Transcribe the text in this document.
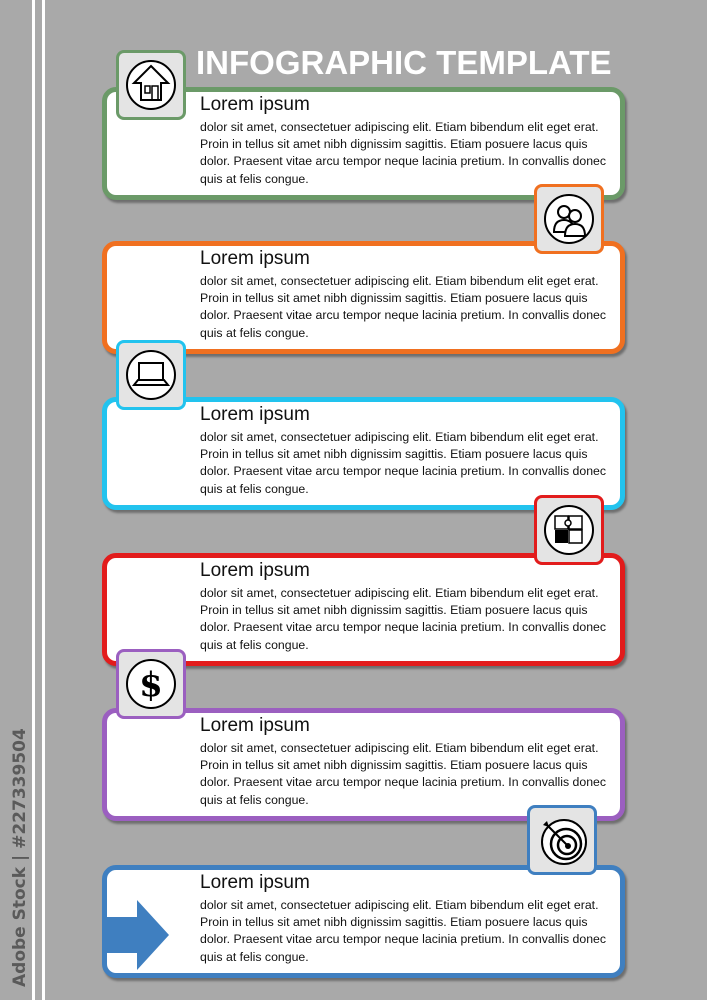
Adobe Stock | #227339504
INFOGRAPHIC TEMPLATE
Lorem ipsum
dolor sit amet, consectetuer adipiscing elit. Etiam bibendum elit eget erat. Proin in tellus sit amet nibh dignissim sagittis. Etiam posuere lacus quis dolor. Praesent vitae arcu tempor neque lacinia pretium. In convallis donec quis at felis congue.
Lorem ipsum
dolor sit amet, consectetuer adipiscing elit. Etiam bibendum elit eget erat. Proin in tellus sit amet nibh dignissim sagittis. Etiam posuere lacus quis dolor. Praesent vitae arcu tempor neque lacinia pretium. In convallis donec quis at felis congue.
Lorem ipsum
dolor sit amet, consectetuer adipiscing elit. Etiam bibendum elit eget erat. Proin in tellus sit amet nibh dignissim sagittis. Etiam posuere lacus quis dolor. Praesent vitae arcu tempor neque lacinia pretium. In convallis donec quis at felis congue.
Lorem ipsum
dolor sit amet, consectetuer adipiscing elit. Etiam bibendum elit eget erat. Proin in tellus sit amet nibh dignissim sagittis. Etiam posuere lacus quis dolor. Praesent vitae arcu tempor neque lacinia pretium. In convallis donec quis at felis congue.
Lorem ipsum
dolor sit amet, consectetuer adipiscing elit. Etiam bibendum elit eget erat. Proin in tellus sit amet nibh dignissim sagittis. Etiam posuere lacus quis dolor. Praesent vitae arcu tempor neque lacinia pretium. In convallis donec quis at felis congue.
Lorem ipsum
dolor sit amet, consectetuer adipiscing elit. Etiam bibendum elit eget erat. Proin in tellus sit amet nibh dignissim sagittis. Etiam posuere lacus quis dolor. Praesent vitae arcu tempor neque lacinia pretium. In convallis donec quis at felis congue.
$
